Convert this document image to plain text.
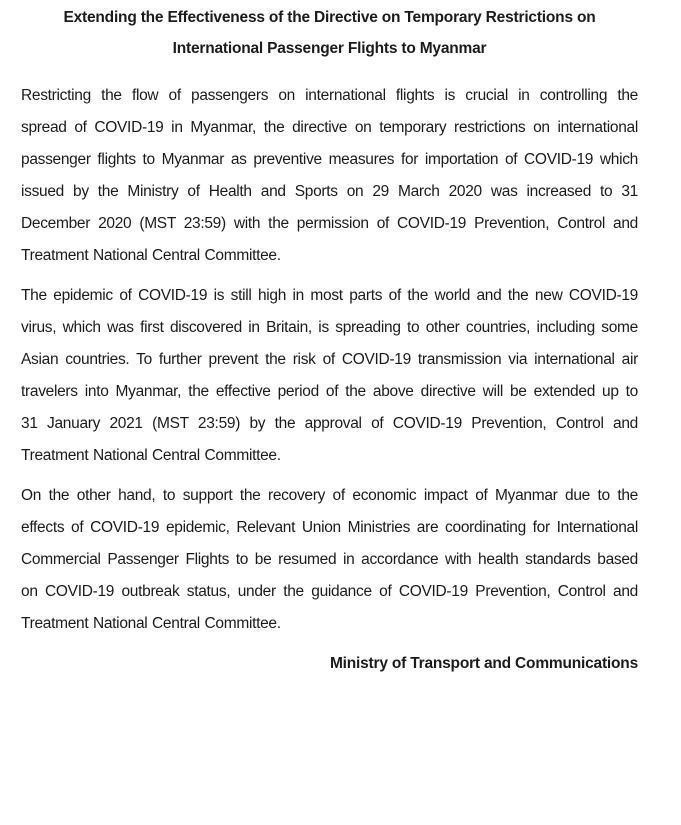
Extending the Effectiveness of the Directive on Temporary Restrictions on
International Passenger Flights to Myanmar
Restricting the flow of passengers on international flights is crucial in controlling the
spread of COVID-19 in Myanmar, the directive on temporary restrictions on international
passenger flights to Myanmar as preventive measures for importation of COVID-19 which
issued by the Ministry of Health and Sports on 29 March 2020 was increased to 31
December 2020 (MST 23:59) with the permission of COVID-19 Prevention, Control and
Treatment National Central Committee.
The epidemic of COVID-19 is still high in most parts of the world and the new COVID-19
virus, which was first discovered in Britain, is spreading to other countries, including some
Asian countries. To further prevent the risk of COVID-19 transmission via international air
travelers into Myanmar, the effective period of the above directive will be extended up to
31 January 2021 (MST 23:59) by the approval of COVID-19 Prevention, Control and
Treatment National Central Committee.
On the other hand, to support the recovery of economic impact of Myanmar due to the
effects of COVID-19 epidemic, Relevant Union Ministries are coordinating for International
Commercial Passenger Flights to be resumed in accordance with health standards based
on COVID-19 outbreak status, under the guidance of COVID-19 Prevention, Control and
Treatment National Central Committee.
Ministry of Transport and Communications
